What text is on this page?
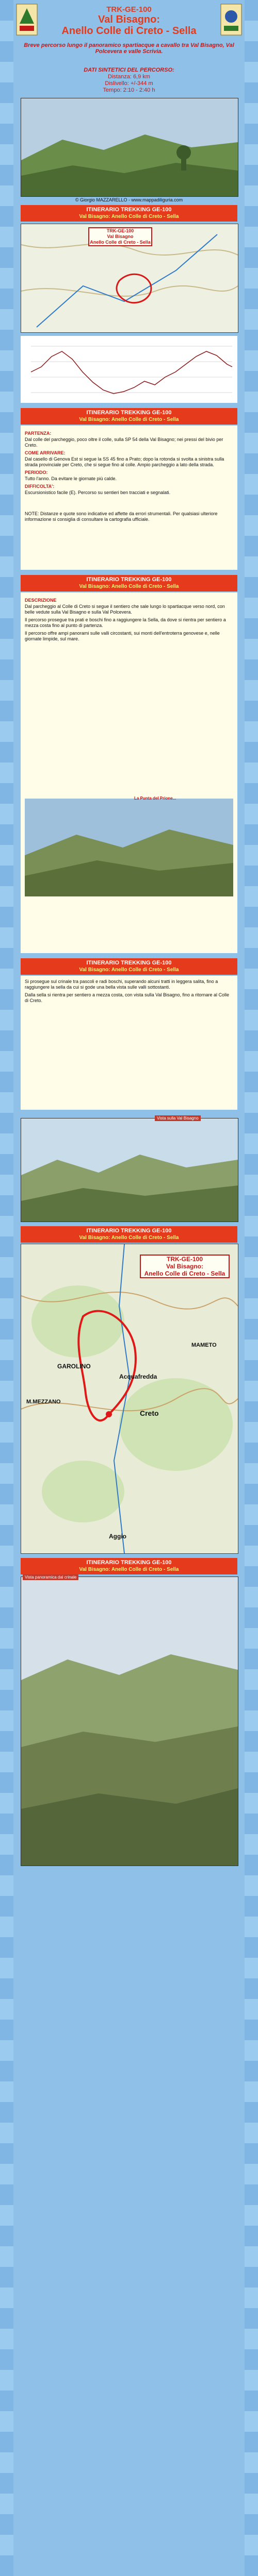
TRK-GE-100
Val Bisagno:
Anello Colle di Creto - Sella

Breve percorso lungo il panoramico spartiacque a cavallo tra Val Bisagno, Val Polcevera e valle Scrivia.

DATI SINTETICI DEL PERCORSO:
Distanza: 6,9 km
Dislivello: +/-344 m
Tempo: 2:10 - 2:40 h
© Giorgio MAZZARELLO - www.mappadiliguria.com
ITINERARIO TREKKING GE-100
Val Bisagno: Anello Colle di Creto - Sella
TRK-GE-100
Val Bisagno
Anello Colle di Creto - Sella
ITINERARIO TREKKING GE-100
Val Bisagno: Anello Colle di Creto - Sella
PARTENZA:

Dal colle del parcheggio, poco oltre il colle, sulla SP 54 della Val Bisagno; nei pressi del bivio per Creto.

COME ARRIVARE:

Dal casello di Genova Est si segue la SS 45 fino a Prato; dopo la rotonda si svolta a sinistra sulla strada provinciale per Creto, che si segue fino al colle. Ampio parcheggio a lato della strada.

PERIODO:

Tutto l'anno. Da evitare le giornate più calde.

DIFFICOLTA':

Escursionistico facile (E). Percorso su sentieri ben tracciati e segnalati.

NOTE: Distanze e quote sono indicative ed affette da errori strumentali. Per qualsiasi ulteriore informazione si consiglia di consultare la cartografia ufficiale.

ITINERARIO TREKKING GE-100
Val Bisagno: Anello Colle di Creto - Sella
DESCRIZIONE

Dal parcheggio al Colle di Creto si segue il sentiero che sale lungo lo spartiacque verso nord, con belle vedute sulla Val Bisagno e sulla Val Polcevera.

Il percorso prosegue tra prati e boschi fino a raggiungere la Sella, da dove si rientra per sentiero a mezza costa fino al punto di partenza.

Il percorso offre ampi panorami sulle valli circostanti, sui monti dell'entroterra genovese e, nelle giornate limpide, sul mare.

La Punta del Prione...
ITINERARIO TREKKING GE-100
Val Bisagno: Anello Colle di Creto - Sella

Si prosegue sul crinale tra pascoli e radi boschi, superando alcuni tratti in leggera salita, fino a raggiungere la sella da cui si gode una bella vista sulle valli sottostanti.

Dalla sella si rientra per sentiero a mezza costa, con vista sulla Val Bisagno, fino a ritornare al Colle di Creto.

Vista sulla Val Bisagno
ITINERARIO TREKKING GE-100
Val Bisagno: Anello Colle di Creto - Sella
TRK-GE-100
Val Bisagno:
Anello Colle di Creto - Sella
GAROLINO
Acquafredda
Creto
Aggio
M.MEZZANO
MAMETO
ITINERARIO TREKKING GE-100
Val Bisagno: Anello Colle di Creto - Sella
Vista panoramica dal crinale
